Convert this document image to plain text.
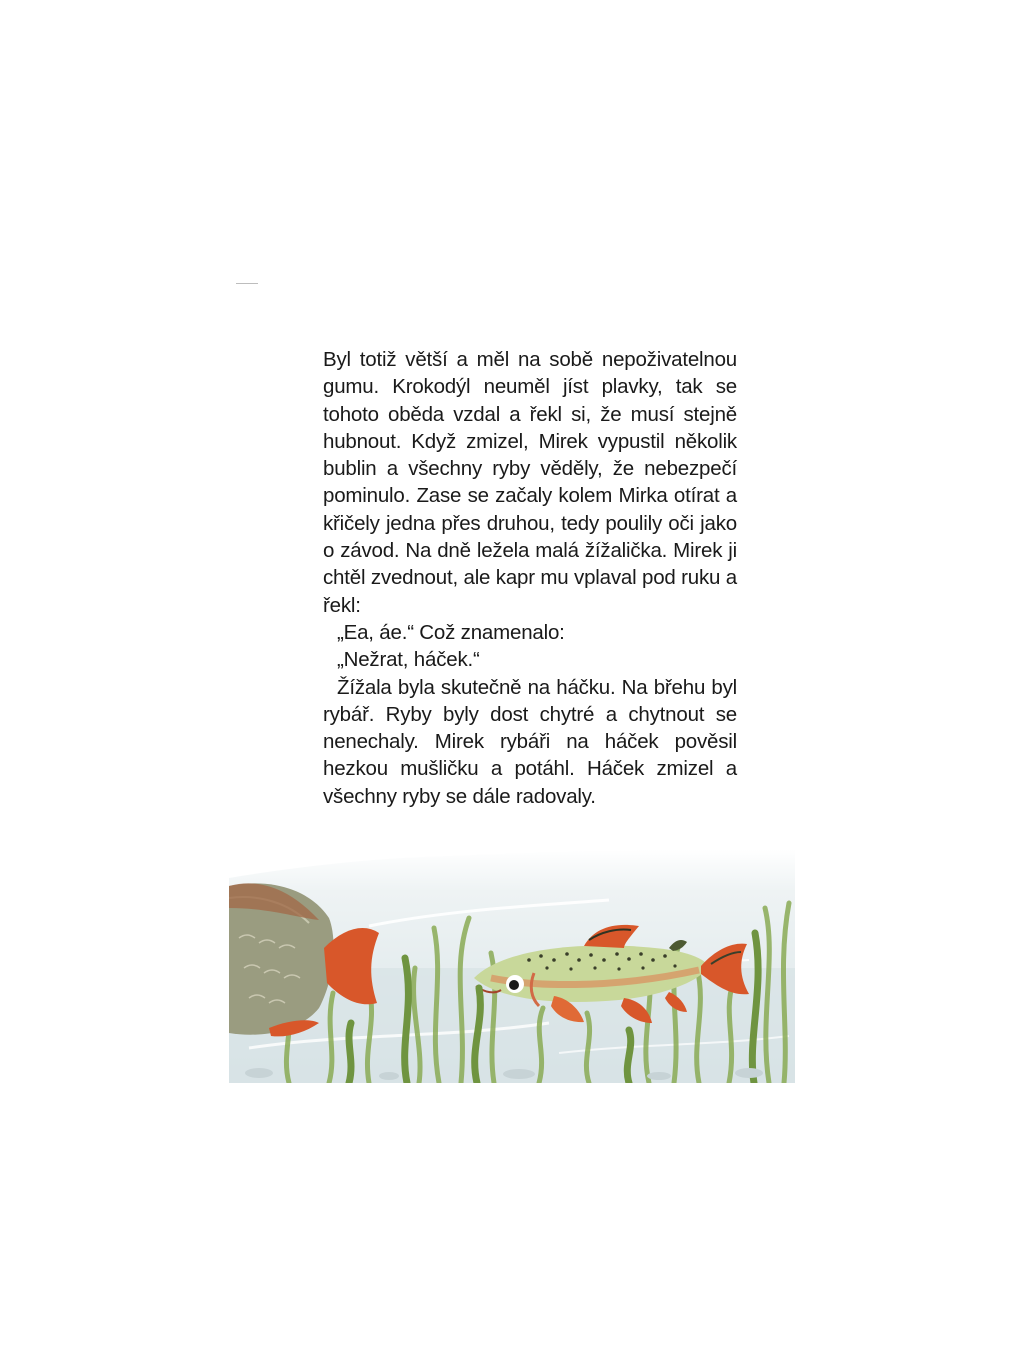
Byl totiž větší a měl na sobě nepoživatelnou gumu. Krokodýl neuměl jíst plavky, tak se tohoto oběda vzdal a řekl si, že musí stejně hubnout. Když zmizel, Mirek vypustil několik bublin a všechny ryby věděly, že nebezpečí pominulo. Zase se začaly kolem Mirka otírat a křičely jedna přes druhou, tedy poulily oči jako o závod. Na dně ležela malá žížalička. Mirek ji chtěl zvednout, ale kapr mu vplaval pod ruku a řekl:

„Ea, áe.“ Což znamenalo:

„Nežrat, háček.“

Žížala byla skutečně na háčku. Na břehu byl rybář. Ryby byly dost chytré a chytnout se nenechaly. Mirek rybáři na háček pověsil hezkou mušličku a potáhl. Háček zmizel a všechny ryby se dále radovaly.
